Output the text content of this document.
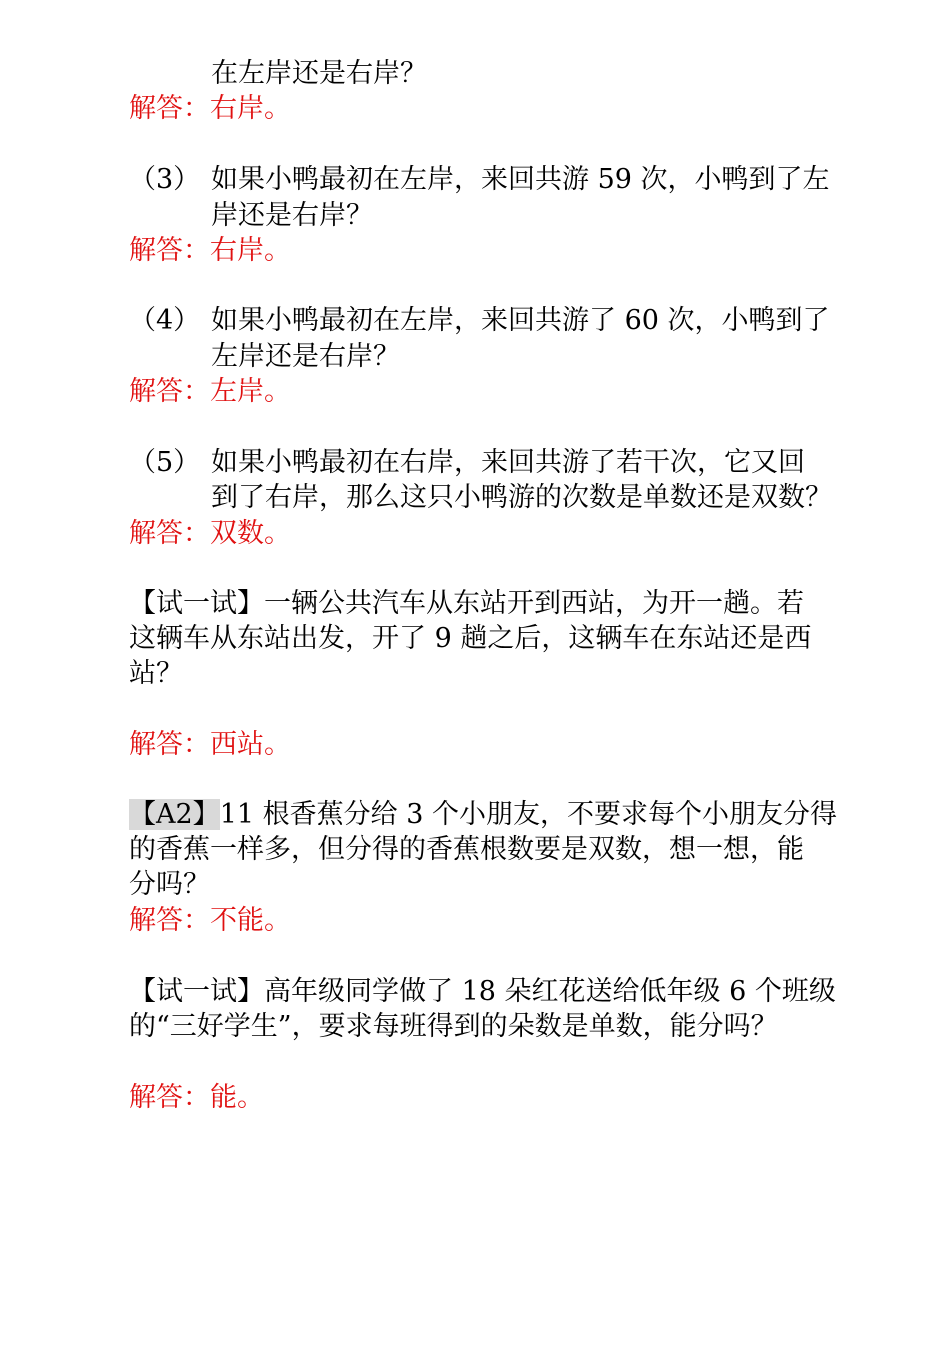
在左岸还是右岸？
解答：右岸。
（3） 如果小鸭最初在左岸，来回共游 59 次，小鸭到了左
岸还是右岸？
解答：右岸。
（4） 如果小鸭最初在左岸，来回共游了 60 次，小鸭到了
左岸还是右岸？
解答：左岸。
（5） 如果小鸭最初在右岸，来回共游了若干次，它又回
到了右岸，那么这只小鸭游的次数是单数还是双数？
解答：双数。
【试一试】一辆公共汽车从东站开到西站，为开一趟。若
这辆车从东站出发，开了 9 趟之后，这辆车在东站还是西
站？
解答：西站。
【A2】11 根香蕉分给 3 个小朋友，不要求每个小朋友分得
的香蕉一样多，但分得的香蕉根数要是双数，想一想，能
分吗？
解答：不能。
【试一试】高年级同学做了 18 朵红花送给低年级 6 个班级
的“三好学生”，要求每班得到的朵数是单数，能分吗？
解答：能。
